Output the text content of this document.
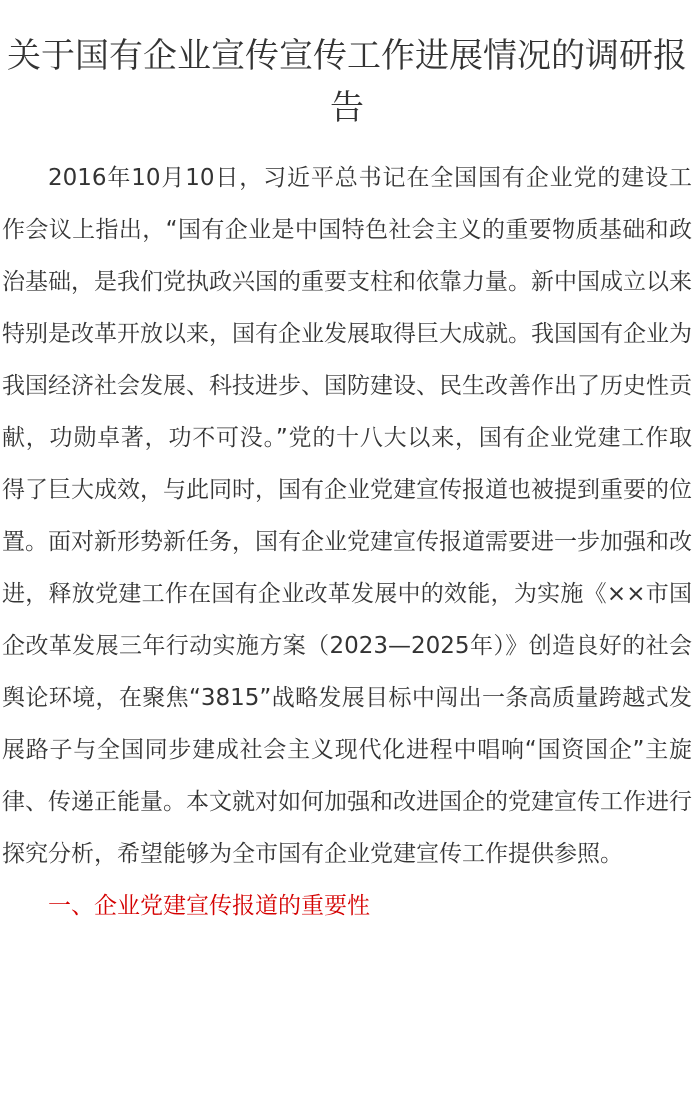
关于国有企业宣传宣传工作进展情况的调研报告

2016年10月10日，习近平总书记在全国国有企业党的建设工作会议上指出，“国有企业是中国特色社会主义的重要物质基础和政治基础，是我们党执政兴国的重要支柱和依靠力量。新中国成立以来特别是改革开放以来，国有企业发展取得巨大成就。我国国有企业为我国经济社会发展、科技进步、国防建设、民生改善作出了历史性贡献，功勋卓著，功不可没。”党的十八大以来，国有企业党建工作取得了巨大成效，与此同时，国有企业党建宣传报道也被提到重要的位置。面对新形势新任务，国有企业党建宣传报道需要进一步加强和改进，释放党建工作在国有企业改革发展中的效能，为实施《××市国企改革发展三年行动实施方案（2023—2025年）》创造良好的社会舆论环境，在聚焦“3815”战略发展目标中闯出一条高质量跨越式发展路子与全国同步建成社会主义现代化进程中唱响“国资国企”主旋律、传递正能量。本文就对如何加强和改进国企的党建宣传工作进行探究分析，希望能够为全市国有企业党建宣传工作提供参照。

一、企业党建宣传报道的重要性
